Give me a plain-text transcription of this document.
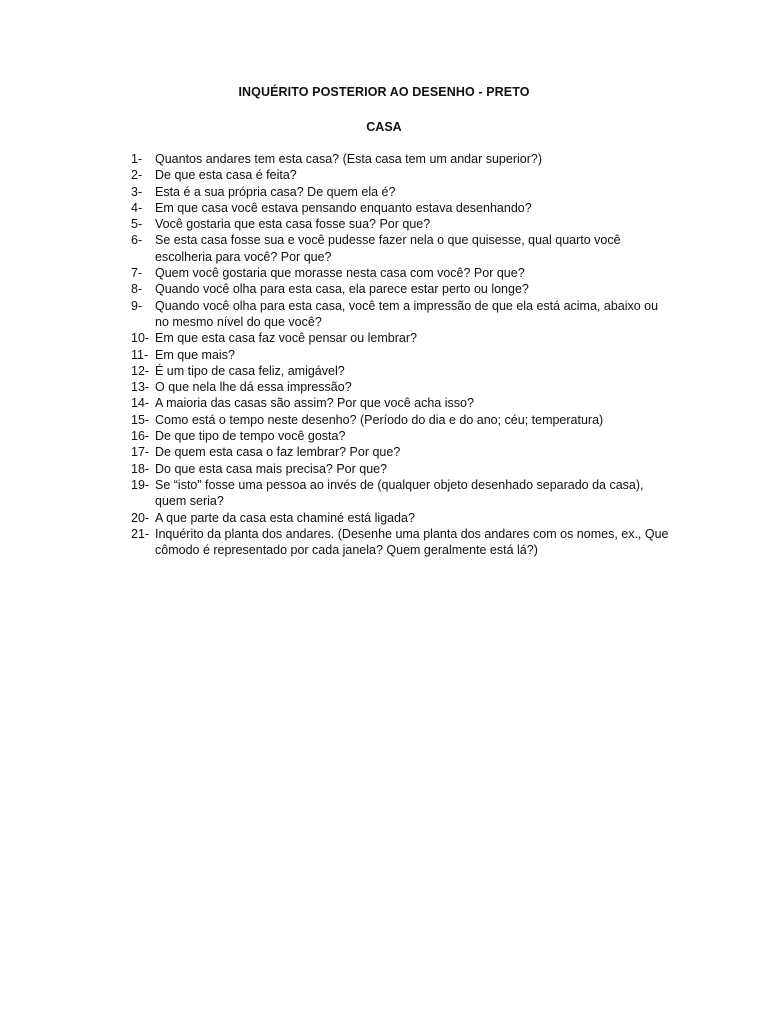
INQUÉRITO POSTERIOR AO DESENHO - PRETO
CASA
1-	Quantos andares tem esta casa? (Esta casa tem um andar superior?)
2-	De que esta casa é feita?
3-	Esta é a sua própria casa? De quem ela é?
4-	Em que casa você estava pensando enquanto estava desenhando?
5-	Você gostaria que esta casa fosse sua? Por que?
6-	Se esta casa fosse sua e você pudesse fazer nela o que quisesse, qual quarto você escolheria para você? Por que?
7-	Quem você gostaria que morasse nesta casa com você? Por que?
8-	Quando você olha para esta casa, ela parece estar perto ou longe?
9-	Quando você olha para esta casa, você tem a impressão de que ela está acima, abaixo ou no mesmo nível do que você?
10- Em que esta casa faz você pensar ou lembrar?
11- Em que mais?
12- É um tipo de casa feliz, amigável?
13- O que nela lhe dá essa impressão?
14- A maioria das casas são assim? Por que você acha isso?
15- Como está o tempo neste desenho? (Período do dia e do ano; céu; temperatura)
16- De que tipo de tempo você gosta?
17- De quem esta casa o faz lembrar? Por que?
18- Do que esta casa mais precisa? Por que?
19- Se “isto” fosse uma pessoa ao invés de (qualquer objeto desenhado separado da casa), quem seria?
20- A que parte da casa esta chaminé está ligada?
21- Inquérito da planta dos andares. (Desenhe uma planta dos andares com os nomes, ex., Que cômodo é representado por cada janela? Quem geralmente está lá?)
